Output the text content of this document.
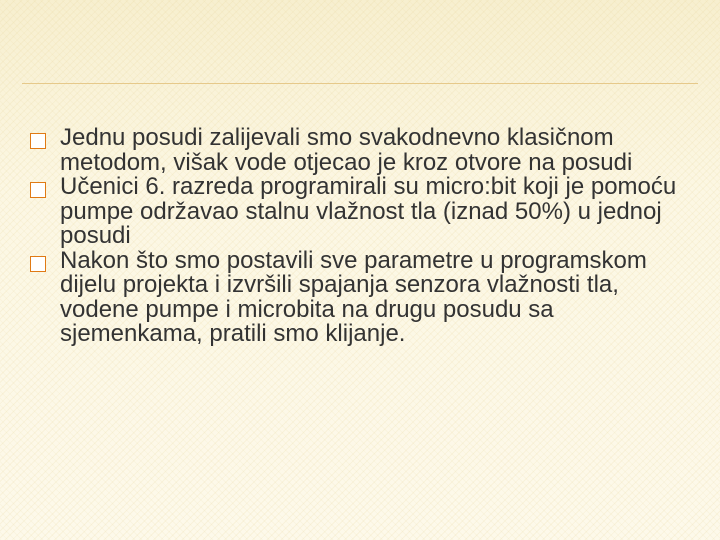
Jednu posudi zalijevali smo svakodnevno klasičnom metodom, višak vode otjecao je kroz otvore na posudi
Učenici 6. razreda programirali su micro:bit koji je pomoću pumpe održavao stalnu vlažnost tla (iznad 50%) u jednoj posudi
Nakon što smo postavili sve parametre u programskom dijelu projekta i izvršili spajanja senzora vlažnosti tla, vodene pumpe i microbita na drugu posudu sa sjemenkama, pratili smo klijanje.
